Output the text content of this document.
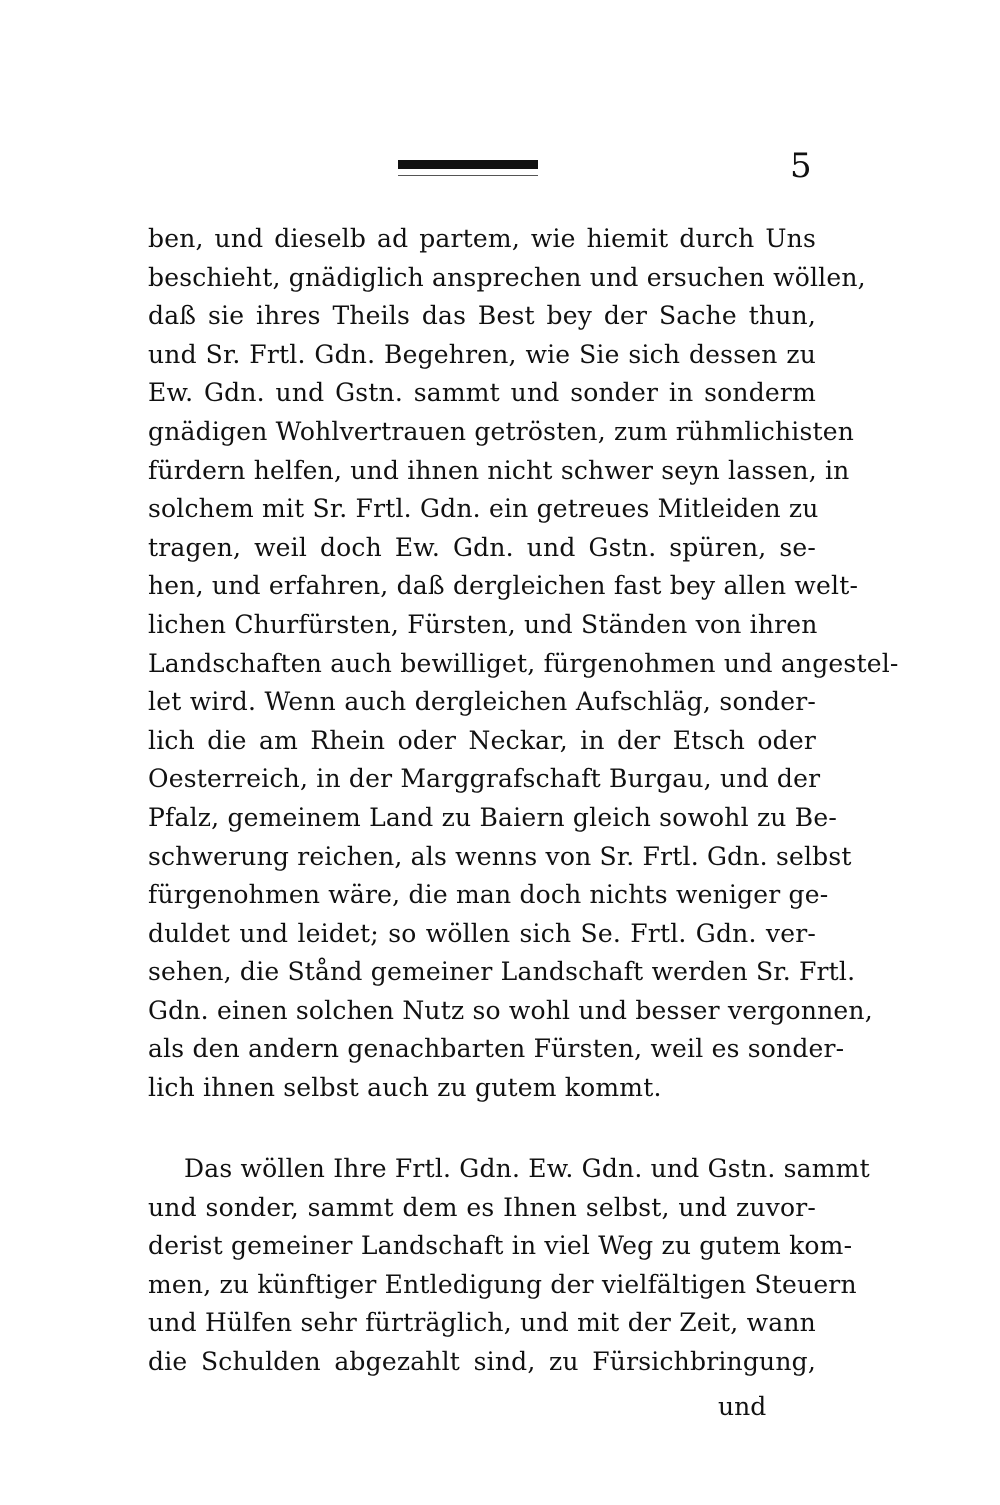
5
ben, und dieselb ad partem, wie hiemit durch Uns
beschieht, gnädiglich ansprechen und ersuchen wöllen,
daß sie ihres Theils das Best bey der Sache thun,
und Sr. Frtl. Gdn. Begehren, wie Sie sich dessen zu
Ew. Gdn. und Gstn. sammt und sonder in sonderm
gnädigen Wohlvertrauen getrösten, zum rühmlichisten
fürdern helfen, und ihnen nicht schwer seyn lassen, in
solchem mit Sr. Frtl. Gdn. ein getreues Mitleiden zu
tragen, weil doch Ew. Gdn. und Gstn. spüren, se-
hen, und erfahren, daß dergleichen fast bey allen welt-
lichen Churfürsten, Fürsten, und Ständen von ihren
Landschaften auch bewilliget, fürgenohmen und angestel-
let wird. Wenn auch dergleichen Aufschläg, sonder-
lich die am Rhein oder Neckar, in der Etsch oder
Oesterreich, in der Marggrafschaft Burgau, und der
Pfalz, gemeinem Land zu Baiern gleich sowohl zu Be-
schwerung reichen, als wenns von Sr. Frtl. Gdn. selbst
fürgenohmen wäre, die man doch nichts weniger ge-
duldet und leidet; so wöllen sich Se. Frtl. Gdn. ver-
sehen, die Stånd gemeiner Landschaft werden Sr. Frtl.
Gdn. einen solchen Nutz so wohl und besser vergonnen,
als den andern genachbarten Fürsten, weil es sonder-
lich ihnen selbst auch zu gutem kommt.
Das wöllen Ihre Frtl. Gdn. Ew. Gdn. und Gstn. sammt
und sonder, sammt dem es Ihnen selbst, und zuvor-
derist gemeiner Landschaft in viel Weg zu gutem kom-
men, zu künftiger Entledigung der vielfältigen Steuern
und Hülfen sehr fürträglich, und mit der Zeit, wann
die Schulden abgezahlt sind, zu Fürsichbringung,
und
